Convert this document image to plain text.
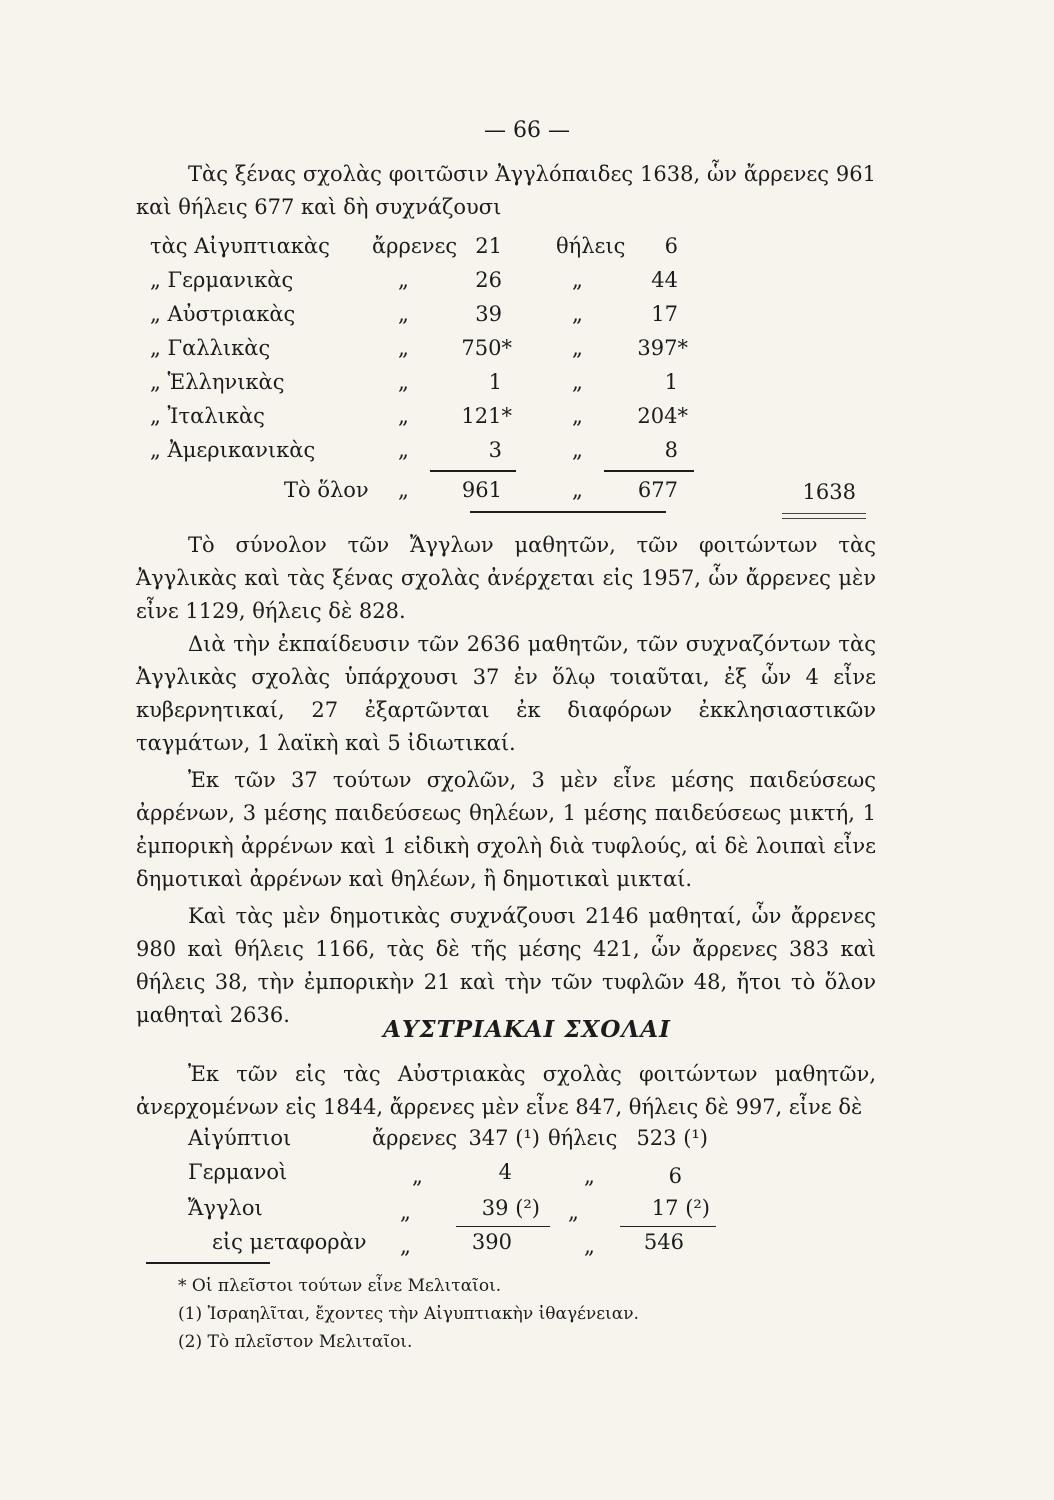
— 66 —

Τὰς ξένας σχολὰς φοιτῶσιν Ἀγγλόπαιδες 1638, ὧν ἄρρενες 961 καὶ θήλεις 677 καὶ δὴ συχνάζουσι

τὰς Αἰγυπτιακὰς ἄρρενες 21	θήλεις	6
„ Γερμανικὰς	„	26	„	44
„ Αὐστριακὰς	„	39	„	17
„ Γαλλικὰς	„	750*	„	397*
„ Ἑλληνικὰς	„	1	„	1
„ Ἰταλικὰς	„	121*	„	204*
„ Ἀμερικανικὰς	„	3	„	8
Τὸ ὅλον „	961	„	677	1638

Τὸ σύνολον τῶν Ἄγγλων μαθητῶν, τῶν φοιτώντων τὰς Ἀγγλικὰς καὶ τὰς ξένας σχολὰς ἀνέρχεται εἰς 1957, ὧν ἄρρενες μὲν εἶνε 1129, θήλεις δὲ 828.

Διὰ τὴν ἐκπαίδευσιν τῶν 2636 μαθητῶν, τῶν συχναζόντων τὰς Ἀγγλικὰς σχολὰς ὑπάρχουσι 37 ἐν ὅλῳ τοιαῦται, ἐξ ὧν 4 εἶνε κυβερνητικαί, 27 ἐξαρτῶνται ἐκ διαφόρων ἐκκλησιαστικῶν ταγμάτων, 1 λαϊκὴ καὶ 5 ἰδιωτικαί.

Ἐκ τῶν 37 τούτων σχολῶν, 3 μὲν εἶνε μέσης παιδεύσεως ἀρρένων, 3 μέσης παιδεύσεως θηλέων, 1 μέσης παιδεύσεως μικτή, 1 ἐμπορικὴ ἀρρένων καὶ 1 εἰδικὴ σχολὴ διὰ τυφλούς, αἱ δὲ λοιπαὶ εἶνε δημοτικαὶ ἀρρένων καὶ θηλέων, ἢ δημοτικαὶ μικταί.

Καὶ τὰς μὲν δημοτικὰς συχνάζουσι 2146 μαθηταί, ὧν ἄρρενες 980 καὶ θήλεις 1166, τὰς δὲ τῆς μέσης 421, ὧν ἄρρενες 383 καὶ θήλεις 38, τὴν ἐμπορικὴν 21 καὶ τὴν τῶν τυφλῶν 48, ἤτοι τὸ ὅλον μαθηταὶ 2636.

ΑΥΣΤΡΙΑΚΑΙ ΣΧΟΛΑΙ

Ἐκ τῶν εἰς τὰς Αὐστριακὰς σχολὰς φοιτώντων μαθητῶν, ἀνερχομένων εἰς 1844, ἄρρενες μὲν εἶνε 847, θήλεις δὲ 997, εἶνε δὲ

Αἰγύπτιοι	ἄρρενες 347 (¹) θήλεις 523 (¹)
Γερμανοὶ	„	4	„	6
Ἄγγλοι	„	39 (²) „	17 (²)
εἰς μεταφορὰν „	390	„	546
* Οἱ πλεῖστοι τούτων εἶνε Μελιταῖοι.
(1) Ἰσραηλῖται, ἔχοντες τὴν Αἰγυπτιακὴν ἰθαγένειαν.
(2) Τὸ πλεῖστον Μελιταῖοι.
